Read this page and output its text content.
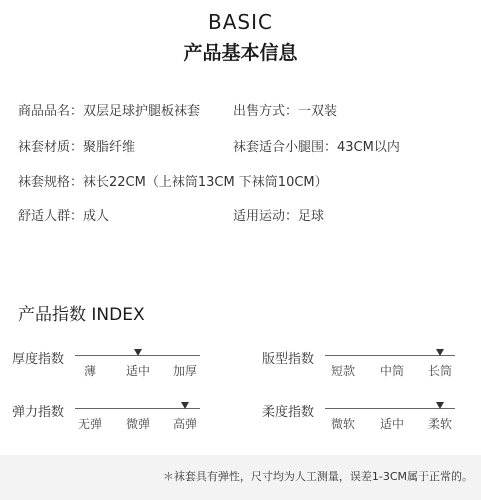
BASIC
产品基本信息
商品品名：双层足球护腿板袜套	出售方式：一双装
袜套材质：聚脂纤维	袜套适合小腿围：43CM以内
袜套规格：袜长22CM（上袜筒13CM 下袜筒10CM）
舒适人群：成人	适用运动：足球
产品指数 INDEX
厚度指数
薄 适中 加厚
版型指数
短款 中筒 长筒
弹力指数
无弹 微弹 高弹
柔度指数
微软 适中 柔软
＊袜套具有弹性，尺寸均为人工测量，误差1-3CM属于正常的。
